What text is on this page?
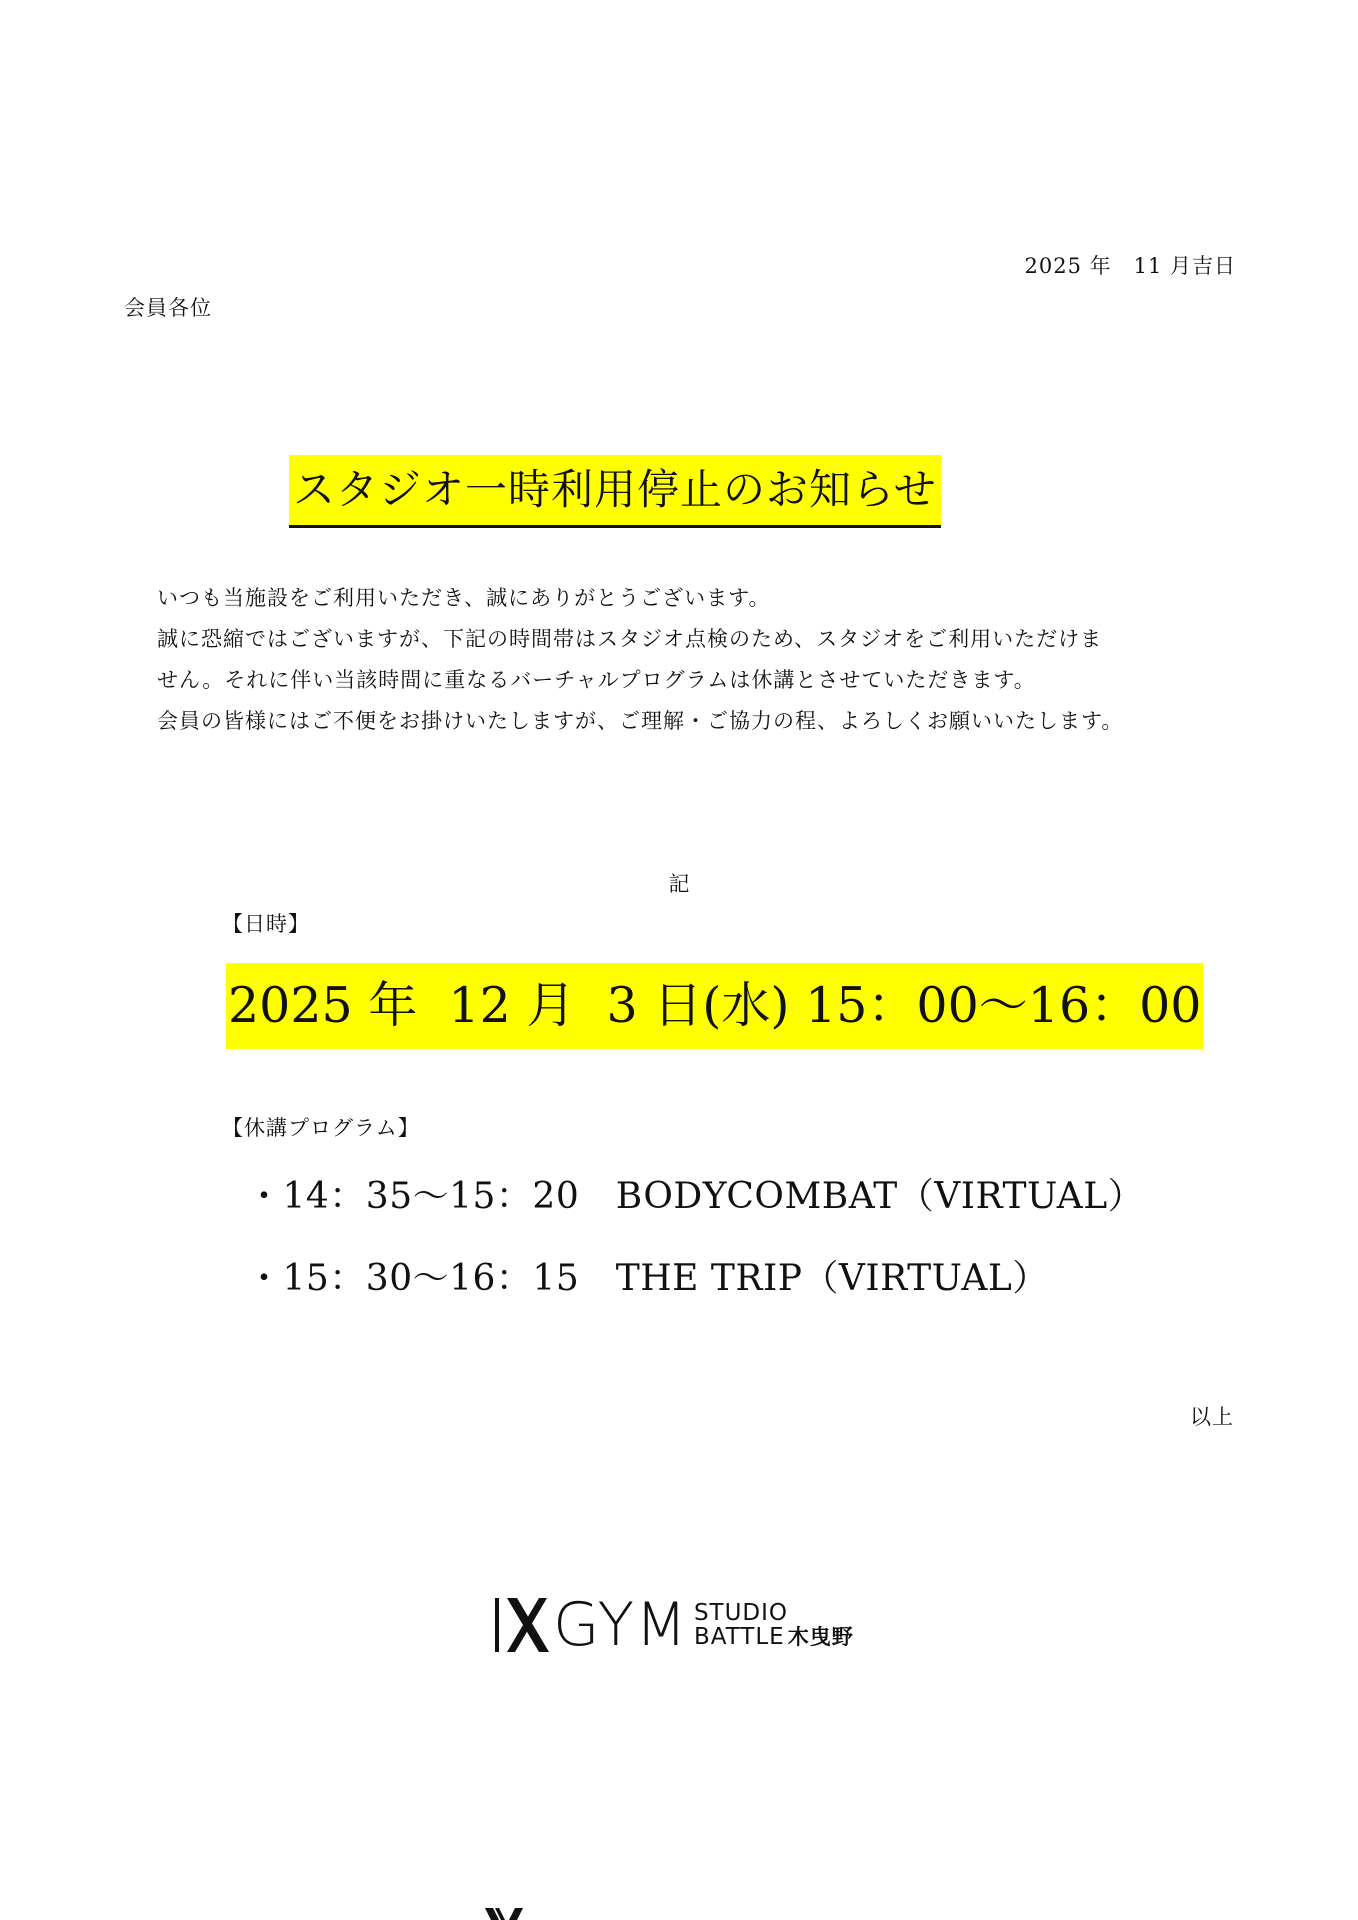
2025 年　11 月吉日
会員各位
スタジオ一時利用停止のお知らせ

いつも当施設をご利用いただき、誠にありがとうございます。

誠に恐縮ではございますが、下記の時間帯はスタジオ点検のため、スタジオをご利用いただけま

せん。それに伴い当該時間に重なるバーチャルプログラムは休講とさせていただきます。

会員の皆様にはご不便をお掛けいたしますが、ご理解・ご協力の程、よろしくお願いいたします。

記
【日時】
2025 年  12 月  3 日(水) 15：00～16：00
【休講プログラム】
・14：35～15：20　BODYCOMBAT（VIRTUAL）
・15：30～16：15　THE TRIP（VIRTUAL）
以上
GYM STUDIO
BATTLE 木曳野
